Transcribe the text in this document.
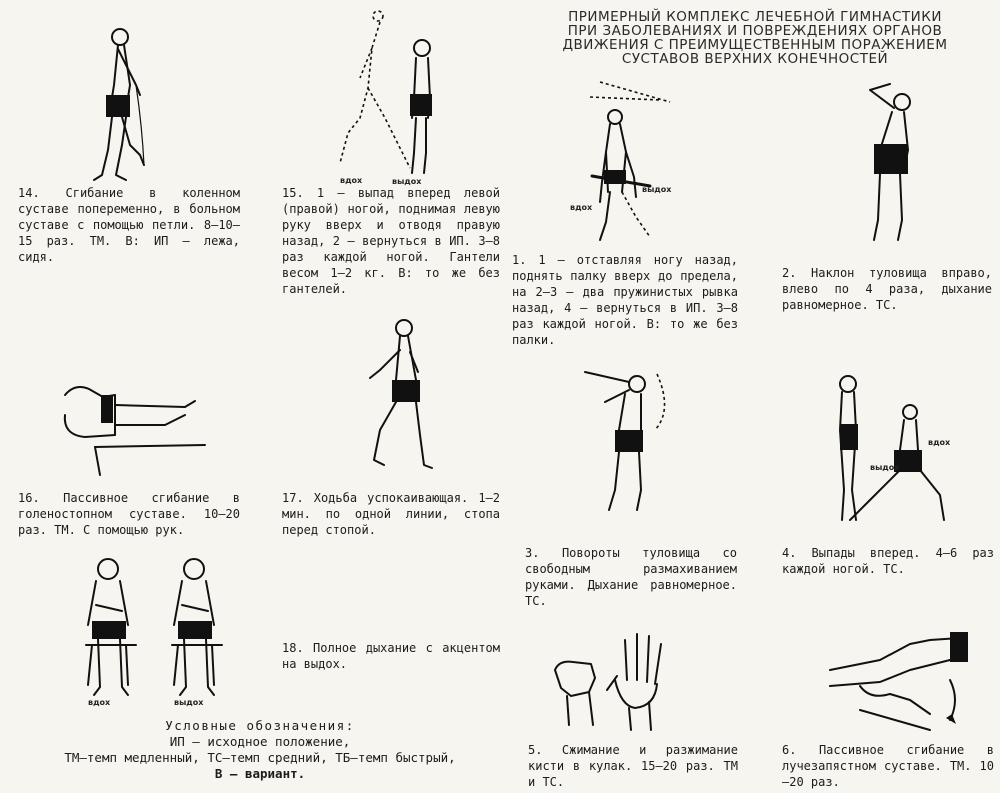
ПРИМЕРНЫЙ КОМПЛЕКС ЛЕЧЕБНОЙ ГИМНАСТИКИ
ПРИ ЗАБОЛЕВАНИЯХ И ПОВРЕЖДЕНИЯХ ОРГАНОВ
ДВИЖЕНИЯ С ПРЕИМУЩЕСТВЕННЫМ ПОРАЖЕНИЕМ
СУСТАВОВ ВЕРХНИХ КОНЕЧНОСТЕЙ
14. Сгибание в коленном суставе попеременно, в больном суставе с помощью петли. 8—10—15 раз. ТМ. В: ИП — лежа, сидя.
вдох	выдох
15. 1 — выпад вперед левой (правой) ногой, поднимая левую руку вверх и отводя правую назад, 2 — вернуться в ИП. 3—8 раз каждой ногой. Гантели весом 1—2 кг. В: то же без гантелей.
выдох
вдох
1. 1 — отставляя ногу назад, поднять палку вверх до предела, на 2—3 — два пружинистых рывка назад, 4 — вернуться в ИП. 3—8 раз каждой ногой. В: то же без палки.
2. Наклон туловища вправо, влево по 4 раза, дыхание равномерное. ТС.
16. Пассивное сгибание в голеностопном суставе. 10—20 раз. ТМ. С помощью рук.
17. Ходьба успокаивающая. 1—2 мин. по одной линии, стопа перед стопой.
3. Повороты туловища со свободным размахиванием руками. Дыхание равномерное. ТС.
вдох
выдох
4. Выпады вперед. 4—6 раз каждой ногой. ТС.
вдох	выдох
18. Полное дыхание с акцентом на выдох.
5. Сжимание и разжимание кисти в кулак. 15—20 раз. ТМ и ТС.
6. Пассивное сгибание в лучезапястном суставе. ТМ. 10—20 раз.
Условные обозначения:
ИП — исходное положение,
ТМ—темп медленный, ТС—темп средний, ТБ—темп быстрый,
В — вариант.
